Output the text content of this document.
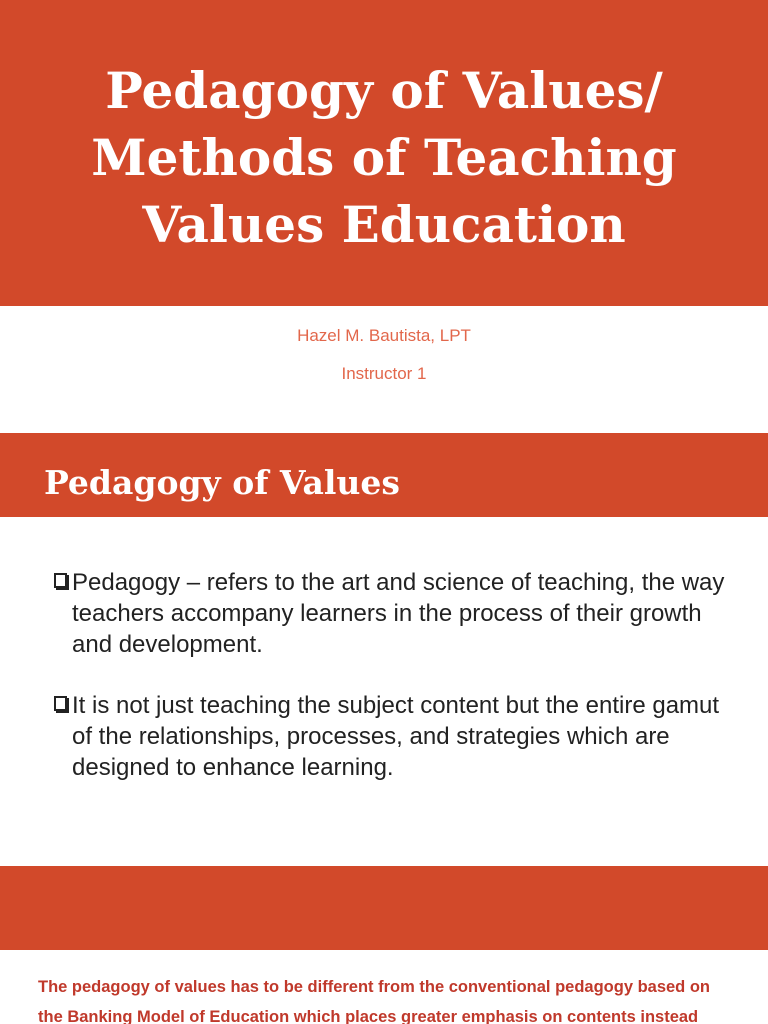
Pedagogy of Values/
Methods of Teaching
Values Education
Hazel M. Bautista, LPT
Instructor 1
Pedagogy of Values
Pedagogy – refers to the art and science of teaching, the way teachers accompany learners in the process of their growth and development.
It is not just teaching the subject content but the entire gamut of the relationships, processes, and strategies which are designed to enhance learning.

The pedagogy of values has to be different from the conventional pedagogy based on
the Banking Model of Education which places greater emphasis on contents instead
